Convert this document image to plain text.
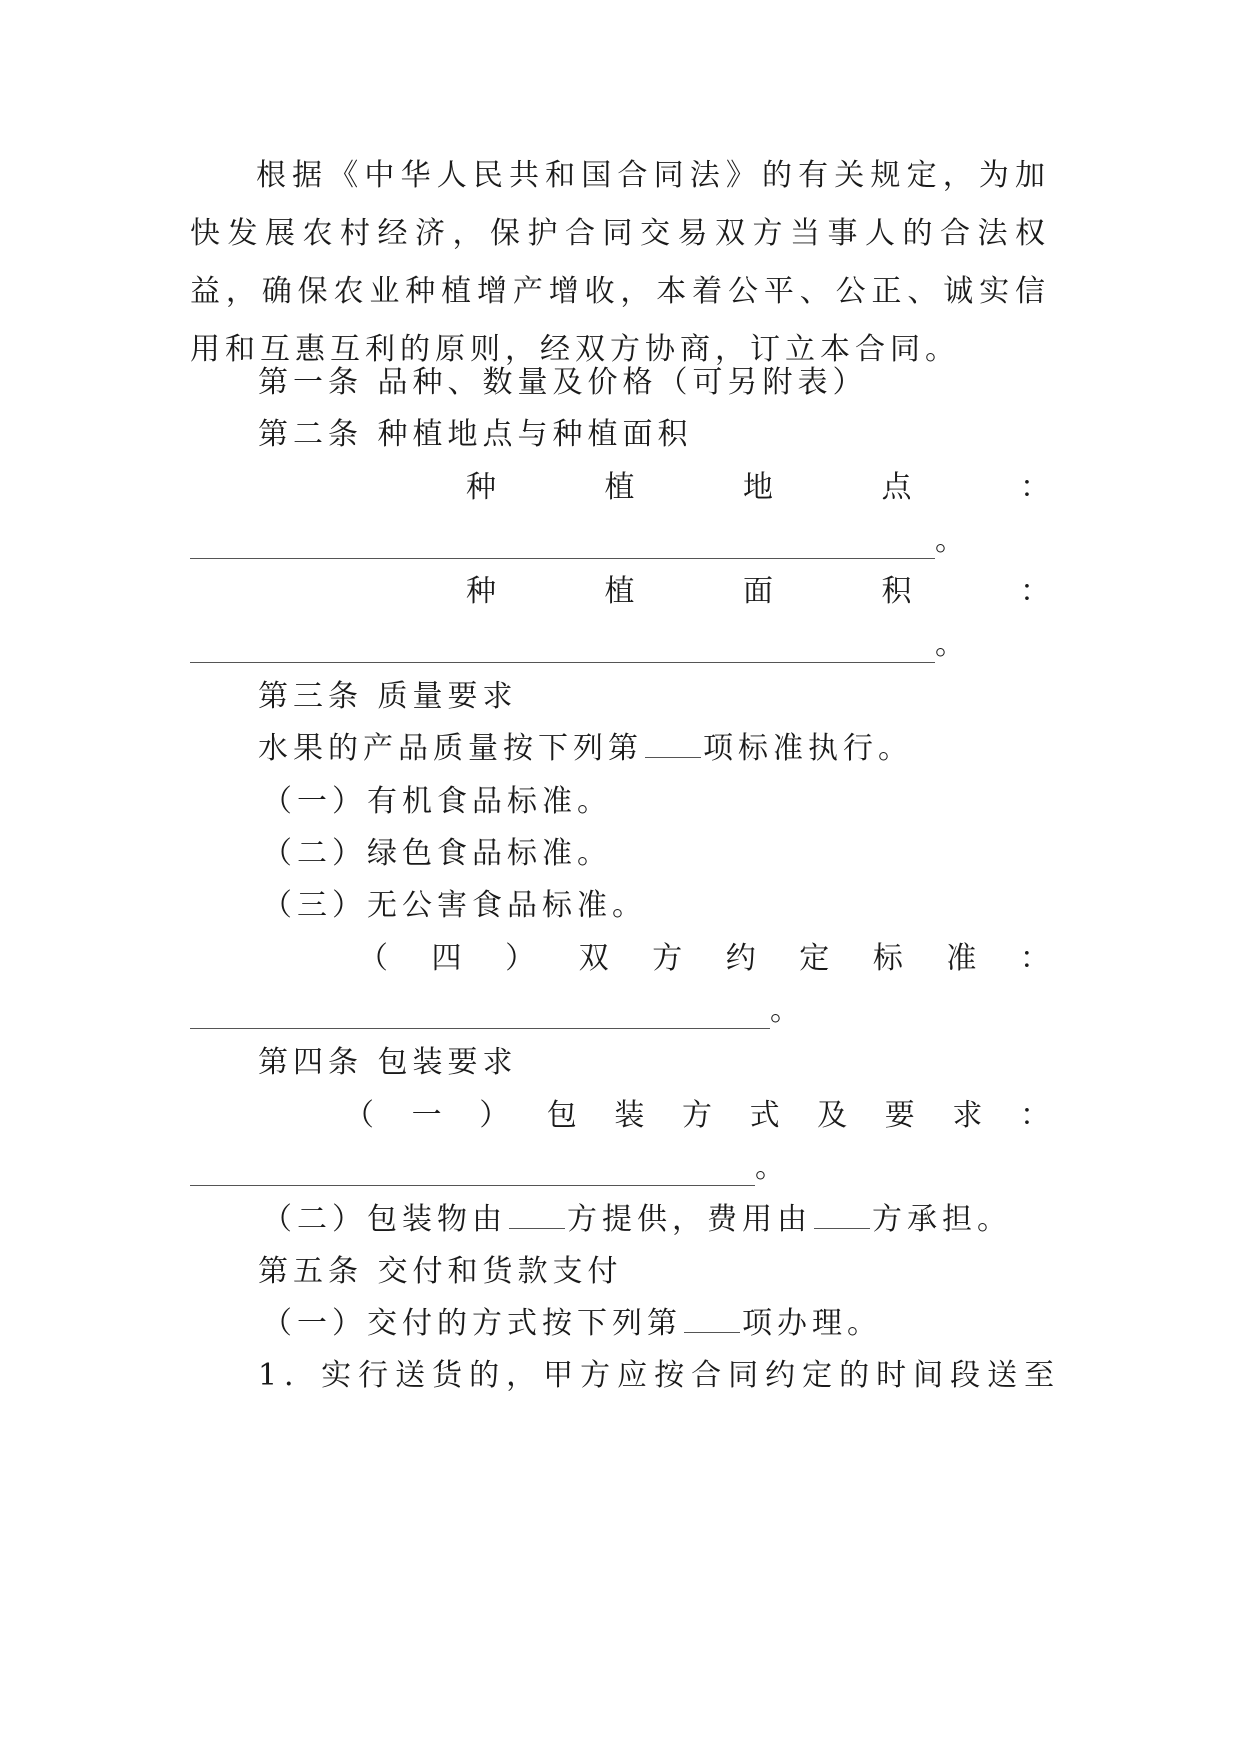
根据《中华人民共和国合同法》的有关规定，为加快发展农村经济，保护合同交易双方当事人的合法权益，确保农业种植增产增收，本着公平、公正、诚实信用和互惠互利的原则，经双方协商，订立本合同。

第一条 品种、数量及价格（可另附表）
第二条 种植地点与种植面积
种	植	地	点	：
。
种	植	面	积	：
。
第三条 质量要求
水果的产品质量按下列第 项标准执行。
（一）有机食品标准。
（二）绿色食品标准。
（三）无公害食品标准。
（ 四 ） 双 方 约 定 标 准 ：
。
第四条 包装要求
（ 一 ） 包 装 方 式 及 要 求 ：
。
（二）包装物由 方提供，费用由 方承担。
第五条 交付和货款支付
（一）交付的方式按下列第 项办理。
1．实行送货的，甲方应按合同约定的时间段送至
